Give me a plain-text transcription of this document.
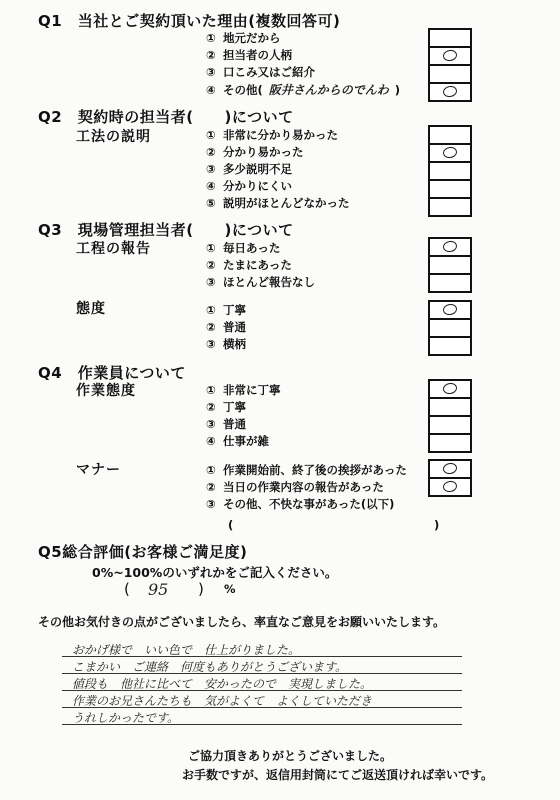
Q1　当社とご契約頂いた理由(複数回答可)
① 地元だから
② 担当者の人柄
③ 口こみ又はご紹介
④ その他( 阪井さんからのでんわ )
Q2　契約時の担当者(　　)について
工法の説明	① 非常に分かり易かった
② 分かり易かった
③ 多少説明不足
④ 分かりにくい
⑤ 説明がほとんどなかった
Q3　現場管理担当者(　　)について
工程の報告	① 毎日あった
② たまにあった
③ ほとんど報告なし
態度	① 丁寧
② 普通
③ 横柄
Q4　作業員について
作業態度	① 非常に丁寧
② 丁寧
③ 普通
④ 仕事が雑
マナー	① 作業開始前、終了後の挨拶があった
② 当日の作業内容の報告があった
③ その他、不快な事があった(以下)
(	)
Q5総合評価(お客様ご満足度)
0%~100%のいずれかをご記入ください。
( 95 ) %
その他お気付きの点がございましたら、率直なご意見をお願いいたします。
おかげ様で　いい色で　仕上がりました。
こまかい　ご連絡　何度もありがとうございます。
値段も　他社に比べて　安かったので　実現しました。
作業のお兄さんたちも　気がよくて　よくしていただき
うれしかったです。
ご協力頂きありがとうございました。
お手数ですが、返信用封筒にてご返送頂ければ幸いです。
